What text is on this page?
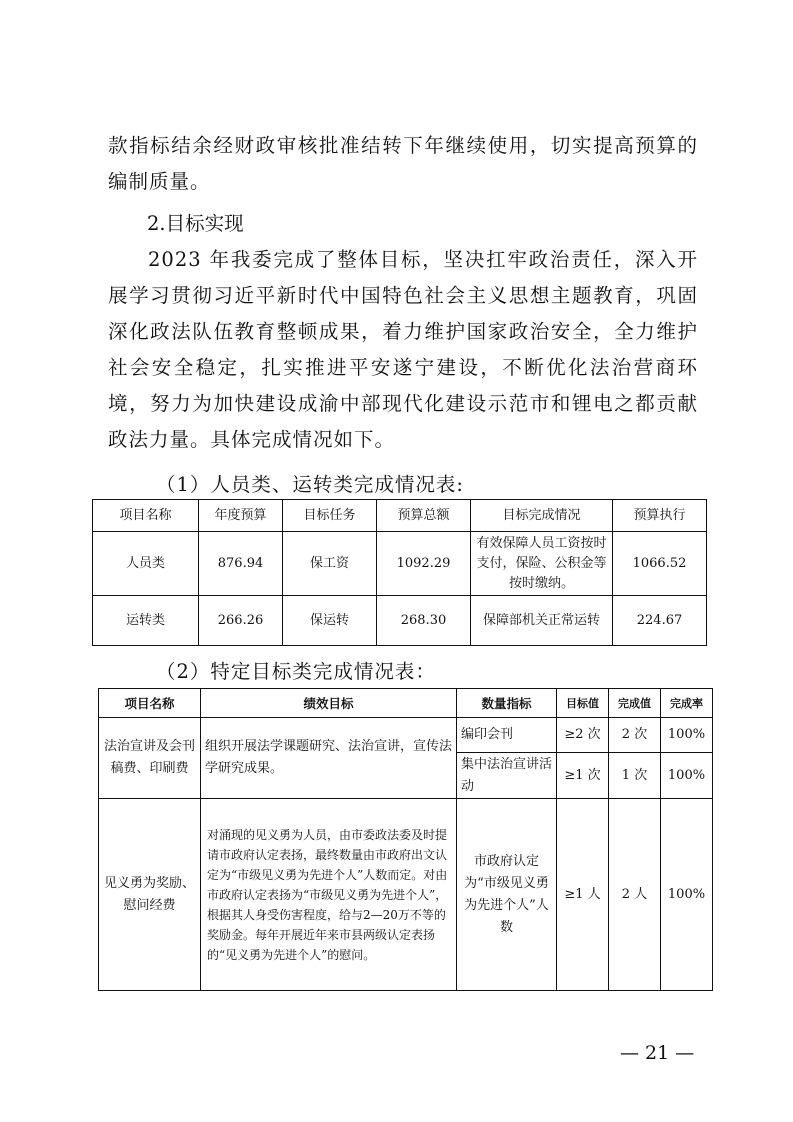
款指标结余经财政审核批准结转下年继续使用，切实提高预算的编制质量。
2.目标实现
2023 年我委完成了整体目标，坚决扛牢政治责任，深入开展学习贯彻习近平新时代中国特色社会主义思想主题教育，巩固深化政法队伍教育整顿成果，着力维护国家政治安全，全力维护社会安全稳定，扎实推进平安遂宁建设，不断优化法治营商环境，努力为加快建设成渝中部现代化建设示范市和锂电之都贡献政法力量。具体完成情况如下。
（1）人员类、运转类完成情况表:
项目名称	年度预算	目标任务	预算总额	目标完成情况	预算执行
人员类	876.94	保工资	1092.29	有效保障人员工资按时支付，保险、公积金等按时缴纳。	1066.52
运转类	266.26	保运转	268.30	保障部机关正常运转	224.67
（2）特定目标类完成情况表：
项目名称	绩效目标	数量指标	目标值	完成值	完成率
法治宣讲及会刊稿费、印刷费	组织开展法学课题研究、法治宣讲，宣传法学研究成果。	编印会刊	≥2 次	2 次	100%
		集中法治宣讲活动	≥1 次	1 次	100%
见义勇为奖励、慰问经费	对涌现的见义勇为人员，由市委政法委及时提请市政府认定表扬，最终数量由市政府出文认定为“市级见义勇为先进个人”人数而定。对由市政府认定表扬为“市级见义勇为先进个人”，根据其人身受伤害程度，给与2—20万不等的奖励金。每年开展近年来市县两级认定表扬的“见义勇为先进个人”的慰问。	市政府认定为“市级见义勇为先进个人”人数	≥1 人	2 人	100%
— 21 —
